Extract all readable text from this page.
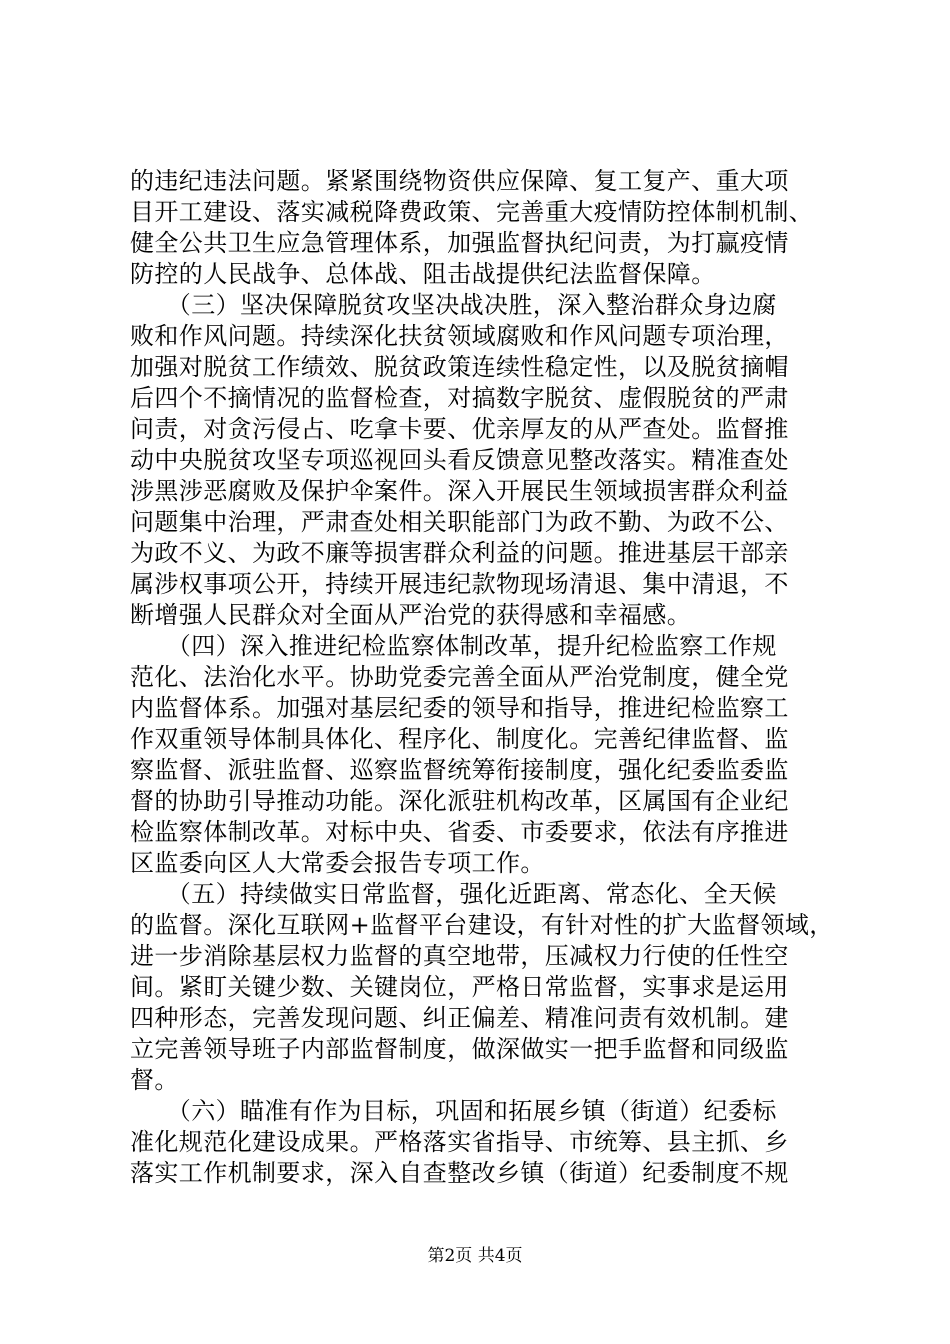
的违纪违法问题。紧紧围绕物资供应保障、复工复产、重大项
目开工建设、落实减税降费政策、完善重大疫情防控体制机制、
健全公共卫生应急管理体系，加强监督执纪问责，为打赢疫情
防控的人民战争、总体战、阻击战提供纪法监督保障。
　　（三）坚决保障脱贫攻坚决战决胜，深入整治群众身边腐
败和作风问题。持续深化扶贫领域腐败和作风问题专项治理，
加强对脱贫工作绩效、脱贫政策连续性稳定性，以及脱贫摘帽
后四个不摘情况的监督检查，对搞数字脱贫、虚假脱贫的严肃
问责，对贪污侵占、吃拿卡要、优亲厚友的从严查处。监督推
动中央脱贫攻坚专项巡视回头看反馈意见整改落实。精准查处
涉黑涉恶腐败及保护伞案件。深入开展民生领域损害群众利益
问题集中治理，严肃查处相关职能部门为政不勤、为政不公、
为政不义、为政不廉等损害群众利益的问题。推进基层干部亲
属涉权事项公开，持续开展违纪款物现场清退、集中清退，不
断增强人民群众对全面从严治党的获得感和幸福感。
　　（四）深入推进纪检监察体制改革，提升纪检监察工作规
范化、法治化水平。协助党委完善全面从严治党制度，健全党
内监督体系。加强对基层纪委的领导和指导，推进纪检监察工
作双重领导体制具体化、程序化、制度化。完善纪律监督、监
察监督、派驻监督、巡察监督统筹衔接制度，强化纪委监委监
督的协助引导推动功能。深化派驻机构改革，区属国有企业纪
检监察体制改革。对标中央、省委、市委要求，依法有序推进
区监委向区人大常委会报告专项工作。
　　（五）持续做实日常监督，强化近距离、常态化、全天候
的监督。深化互联网+监督平台建设，有针对性的扩大监督领域，
进一步消除基层权力监督的真空地带，压减权力行使的任性空
间。紧盯关键少数、关键岗位，严格日常监督，实事求是运用
四种形态，完善发现问题、纠正偏差、精准问责有效机制。建
立完善领导班子内部监督制度，做深做实一把手监督和同级监
督。
　　（六）瞄准有作为目标，巩固和拓展乡镇（街道）纪委标
准化规范化建设成果。严格落实省指导、市统筹、县主抓、乡
落实工作机制要求，深入自查整改乡镇（街道）纪委制度不规
第2页 共4页
